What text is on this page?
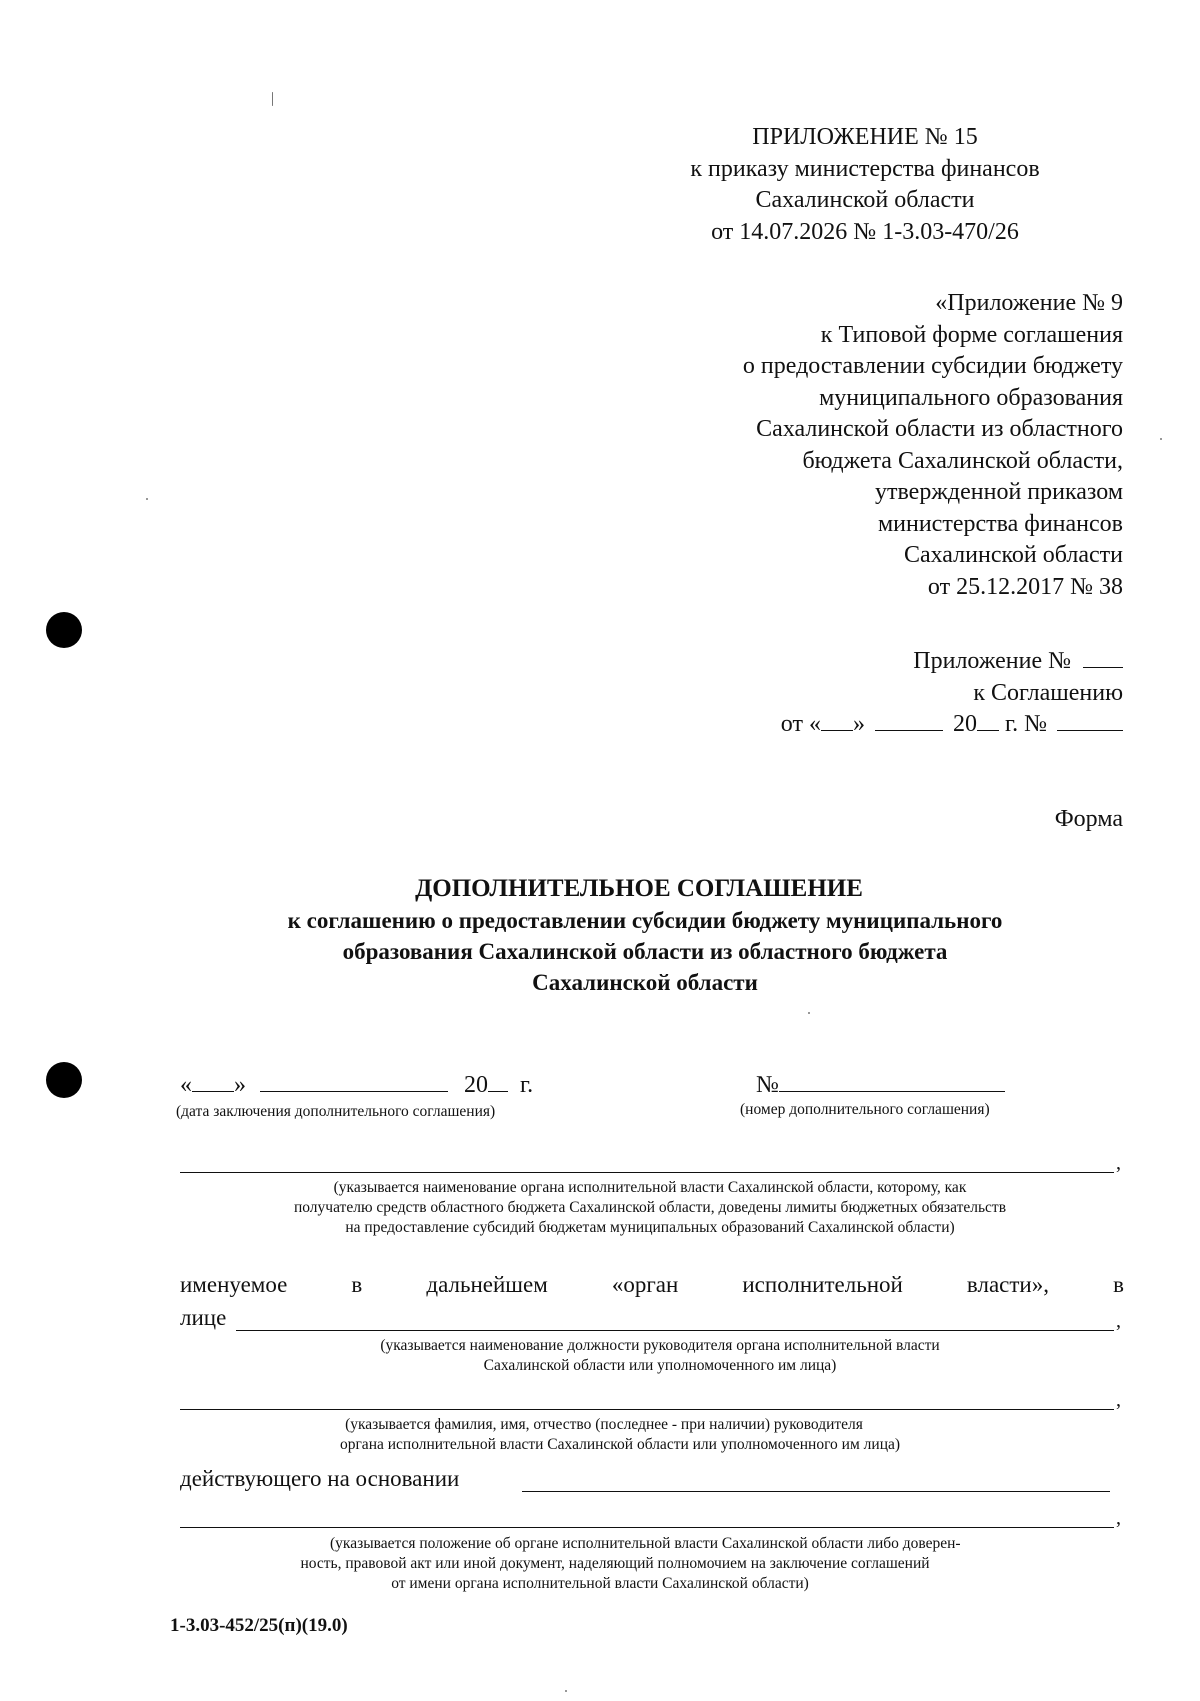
ПРИЛОЖЕНИЕ № 15
к приказу министерства финансов
Сахалинской области
от 14.07.2026 № 1-3.03-470/26
«Приложение № 9
к Типовой форме соглашения
о предоставлении субсидии бюджету
муниципального образования
Сахалинской области из областного
бюджета Сахалинской области,
утвержденной приказом
министерства финансов
Сахалинской области
от 25.12.2017 № 38
Приложение №
к Соглашению
от « »	20 г. №
Форма
ДОПОЛНИТЕЛЬНОЕ СОГЛАШЕНИЕ
к соглашению о предоставлении субсидии бюджету муниципального
образования Сахалинской области из областного бюджета
Сахалинской области
« »	20 г.	№
(дата заключения дополнительного соглашения)	(номер дополнительного соглашения)
,
(указывается наименование органа исполнительной власти Сахалинской области, которому, как
получателю средств областного бюджета Сахалинской области, доведены лимиты бюджетных обязательств
на предоставление субсидий бюджетам муниципальных образований Сахалинской области)
именуемое	в	дальнейшем	«орган	исполнительной	власти»,	в
лице	,
(указывается наименование должности руководителя органа исполнительной власти
Сахалинской области или уполномоченного им лица)
,
(указывается фамилия, имя, отчество (последнее - при наличии) руководителя
органа исполнительной власти Сахалинской области или уполномоченного им лица)
действующего на основании
,
(указывается положение об органе исполнительной власти Сахалинской области либо доверен-
ность, правовой акт или иной документ, наделяющий полномочием на заключение соглашений
от имени органа исполнительной власти Сахалинской области)
1-3.03-452/25(п)(19.0)
